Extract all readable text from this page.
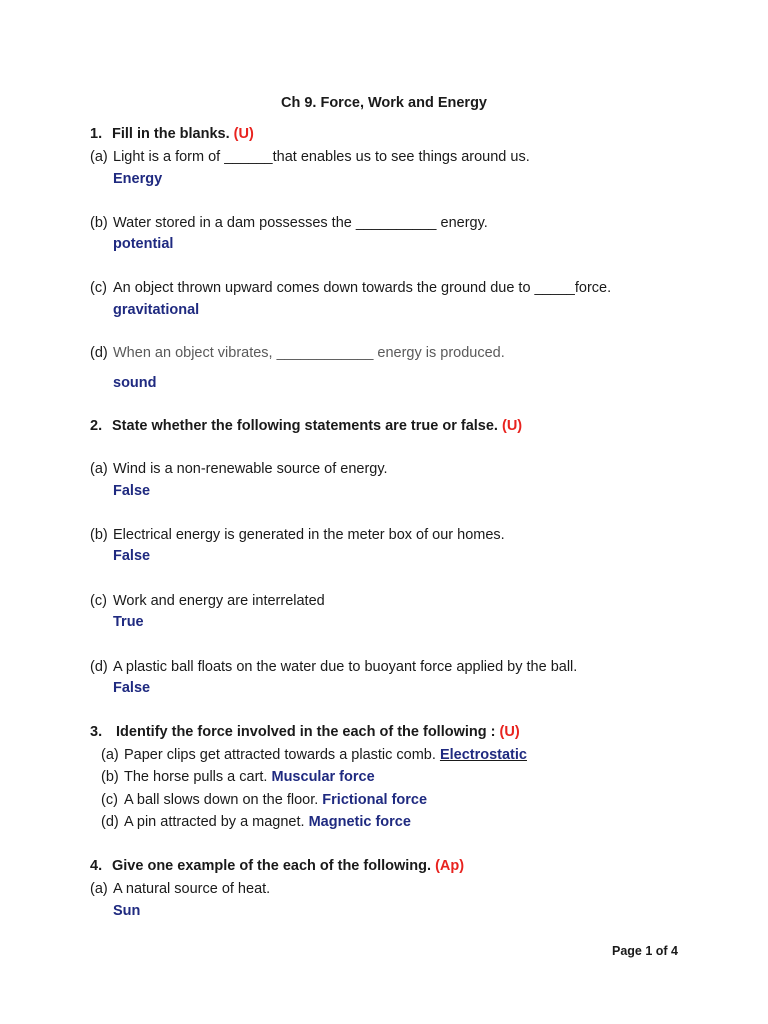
Ch 9. Force, Work and Energy
1. Fill in the blanks. (U)
(a) Light is a form of ______that enables us to see things around us.
Energy
(b) Water stored in a dam possesses the __________ energy.
potential
(c) An object thrown upward comes down towards the ground due to _____force.
gravitational
(d) When an object vibrates, ____________ energy is produced.
sound
2. State whether the following statements are true or false. (U)
(a) Wind is a non-renewable source of energy.
False
(b) Electrical energy is generated in the meter box of our homes.
False
(c) Work and energy are interrelated
True
(d) A plastic ball floats on the water due to buoyant force applied by the ball.
False
3. Identify the force involved in the each of the following : (U)
(a) Paper clips get attracted towards a plastic comb. Electrostatic
(b) The horse pulls a cart. Muscular force
(c) A ball slows down on the floor. Frictional force
(d) A pin attracted by a magnet. Magnetic force
4. Give one example of the each of the following. (Ap)
(a) A natural source of heat.
Sun
Page 1 of 4
